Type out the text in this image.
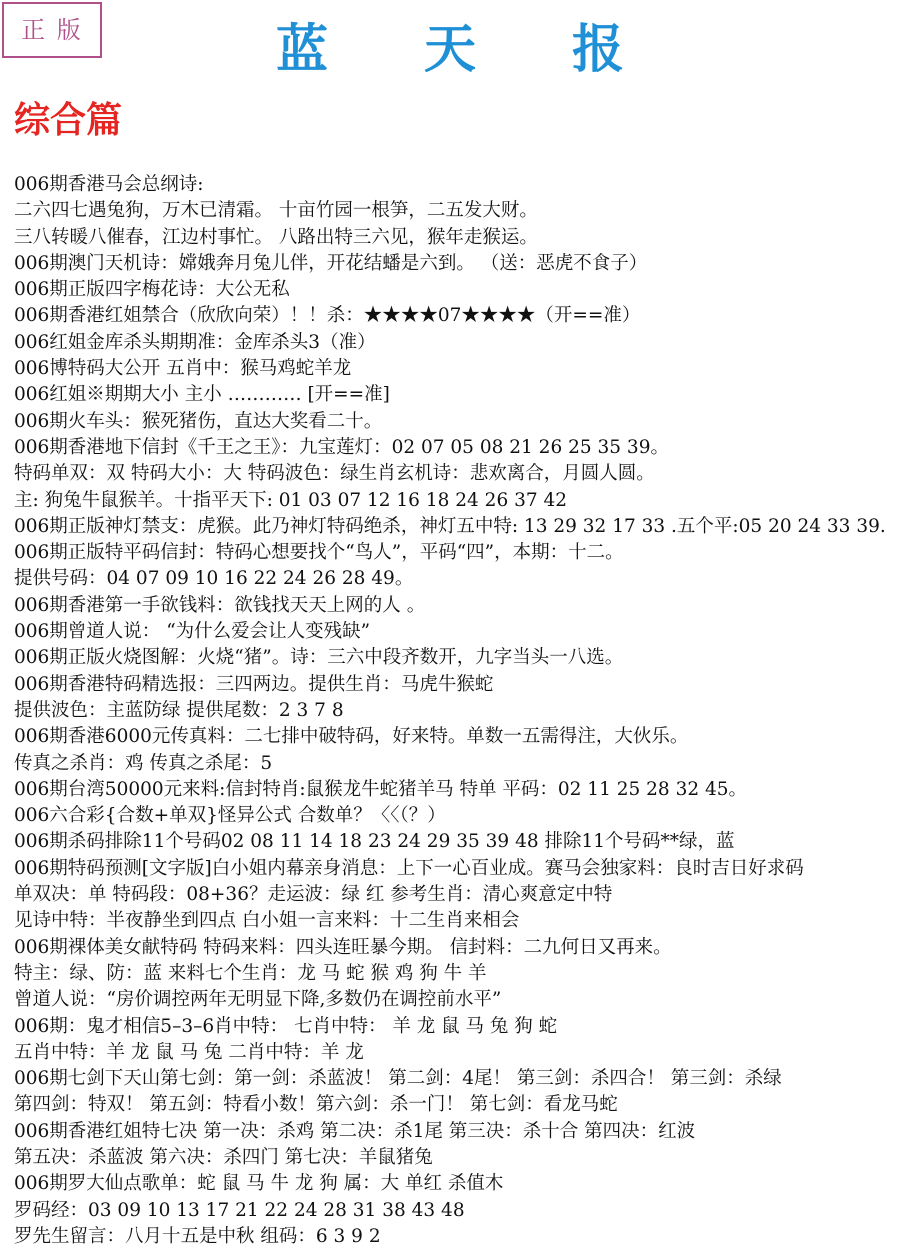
正 版	蓝 天 报
综合篇
006期香港马会总纲诗:
二六四七遇兔狗，万木已清霜。 十亩竹园一根笋，二五发大财。
三八转暖八催春，江边村事忙。 八路出特三六见，猴年走猴运。
006期澳门天机诗：嫦娥奔月兔儿伴，开花结蟠是六到。 （送：恶虎不食子）
006期正版四字梅花诗：大公无私
006期香港红姐禁合（欣欣向荣）！！杀：★★★★07★★★★（开==准）
006红姐金库杀头期期准：金库杀头3（准）
006博特码大公开 五肖中：猴马鸡蛇羊龙
006红姐※期期大小 主小 ………… [开==准]
006期火车头：猴死猪伤，直达大奖看二十。
006期香港地下信封《千王之王》：九宝莲灯：02 07 05 08 21 26 25 35 39。
特码单双：双 特码大小：大 特码波色：绿生肖玄机诗：悲欢离合，月圆人圆。
主: 狗兔牛鼠猴羊。十指平天下: 01 03 07 12 16 18 24 26 37 42
006期正版神灯禁支：虎猴。此乃神灯特码绝杀，神灯五中特: 13 29 32 17 33 .五个平:05 20 24 33 39.
006期正版特平码信封：特码心想要找个“鸟人”，平码“四”，本期：十二。
提供号码：04 07 09 10 16 22 24 26 28 49。
006期香港第一手欲钱料：欲钱找天天上网的人 。
006期曾道人说： “为什么爱会让人变残缺”
006期正版火烧图解：火烧“猪”。诗：三六中段齐数开，九字当头一八选。
006期香港特码精选报：三四两边。提供生肖：马虎牛猴蛇
提供波色：主蓝防绿 提供尾数：2 3 7 8
006期香港6000元传真料：二七排中破特码，好来特。单数一五需得注，大伙乐。
传真之杀肖：鸡 传真之杀尾：5
006期台湾50000元来料:信封特肖:鼠猴龙牛蛇猪羊马 特单 平码：02 11 25 28 32 45。
006六合彩{合数+单双}怪异公式 合数单？〈〈（？）
006期杀码排除11个号码02 08 11 14 18 23 24 29 35 39 48 排除11个号码**绿，蓝
006期特码预测[文字版]白小姐内幕亲身消息：上下一心百业成。赛马会独家料：良时吉日好求码
单双决：单 特码段：08+36？走运波：绿 红 参考生肖：清心爽意定中特
见诗中特：半夜静坐到四点 白小姐一言来料：十二生肖来相会
006期裸体美女献特码 特码来料：四头连旺暴今期。 信封料：二九何日又再来。
特主：绿、防：蓝 来料七个生肖：龙 马 蛇 猴 鸡 狗 牛 羊
曾道人说：“房价调控两年无明显下降,多数仍在调控前水平”
006期：鬼才相信5–3–6肖中特： 七肖中特： 羊 龙 鼠 马 兔 狗 蛇
五肖中特：羊 龙 鼠 马 兔 二肖中特：羊 龙
006期七剑下天山第七剑：第一剑：杀蓝波！ 第二剑：4尾！ 第三剑：杀四合！ 第三剑：杀绿
第四剑：特双！ 第五剑：特看小数！第六剑：杀一门！ 第七剑：看龙马蛇
006期香港红姐特七决 第一决：杀鸡 第二决：杀1尾 第三决：杀十合 第四决：红波
第五决：杀蓝波 第六决：杀四门 第七决：羊鼠猪兔
006期罗大仙点歌单：蛇 鼠 马 牛 龙 狗 属：大 单红 杀值木
罗码经：03 09 10 13 17 21 22 24 28 31 38 43 48
罗先生留言：八月十五是中秋 组码：6 3 9 2
